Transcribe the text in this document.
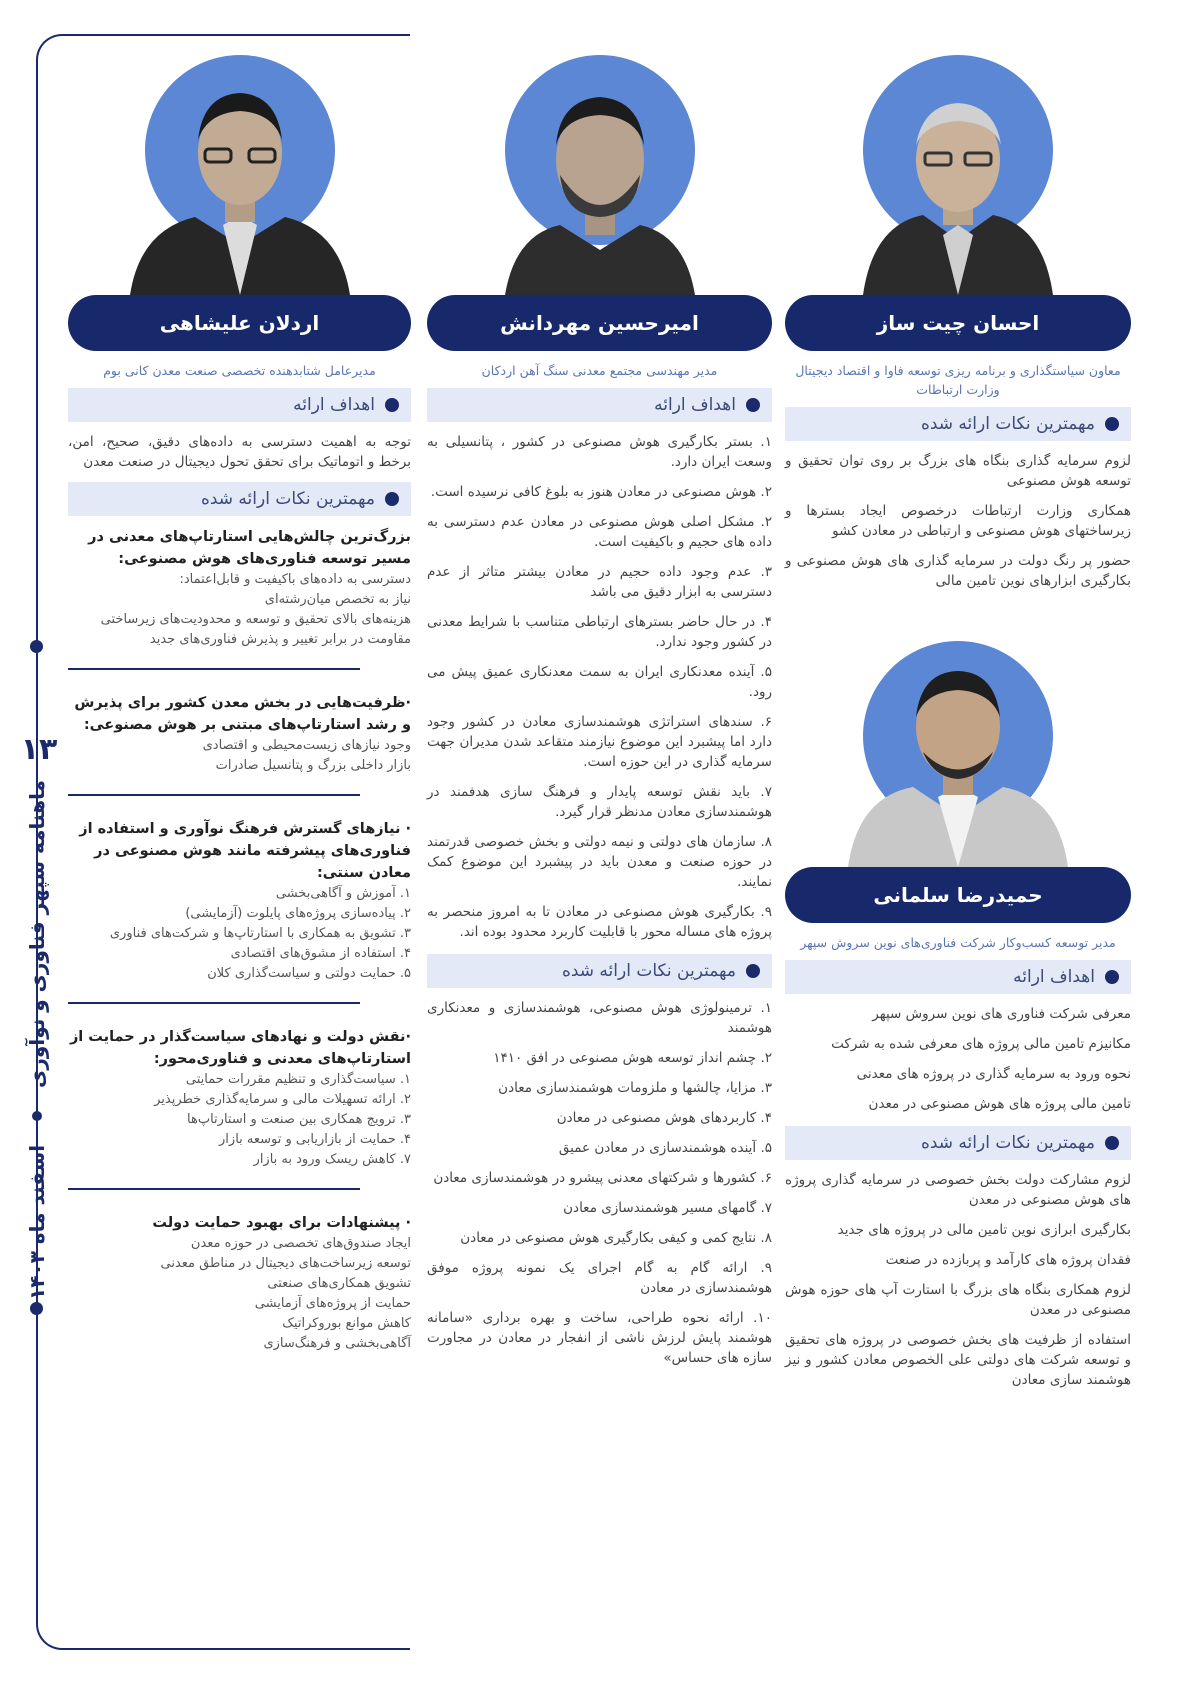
۱۳
ماهنامه سپهر فناوری و نوآوری
اسفند ماه ۱۴۰۳
احسان چیت ساز
معاون سیاستگذاری و برنامه ریزی توسعه فاوا و اقتصاد دیجیتال وزارت ارتباطات
مهمترین نکات ارائه شده
لزوم سرمایه گذاری بنگاه های بزرگ بر روی توان تحقیق و توسعه هوش مصنوعی
همکاری وزارت ارتباطات درخصوص ایجاد بسترها و زیرساختهای هوش مصنوعی و ارتباطی در معادن کشو
حضور پر رنگ دولت در سرمایه گذاری های هوش مصنوعی و بکارگیری ابزارهای نوین تامین مالی
حمیدرضا سلمانی
مدیر توسعه کسب‌وکار شرکت فناوری‌های نوین سروش سپهر
اهداف ارائه
معرفی شرکت فناوری های نوین سروش سپهر
مکانیزم تامین مالی پروژه های معرفی شده به شرکت
نحوه ورود به سرمایه گذاری در پروژه های معدنی
تامین مالی پروژه های هوش مصنوعی در معدن
مهمترین نکات ارائه شده
لزوم مشارکت دولت بخش خصوصی در سرمایه گذاری پروژه های هوش مصنوعی در معدن
بکارگیری ابرازی نوین تامین مالی در پروژه های جدید
فقدان پروژه های کارآمد و پربازده در صنعت
لزوم همکاری بنگاه های بزرگ با استارت آپ های حوزه هوش مصنوعی در معدن
استفاده از ظرفیت های بخش خصوصی در پروژه های تحقیق و توسعه شرکت های دولتی علی الخصوص معادن کشور و نیز هوشمند سازی معادن
امیرحسین مهردانش
مدیر مهندسی مجتمع معدنی سنگ آهن اردکان
اهداف ارائه
۱. بستر بکارگیری هوش مصنوعی در کشور ، پتانسیلی به وسعت ایران دارد.
۲. هوش مصنوعی در معادن هنوز به بلوغ کافی نرسیده است.
۲. مشکل اصلی هوش مصنوعی در معادن عدم دسترسی به داده های حجیم و باکیفیت است.
۳. عدم وجود داده حجیم در معادن بیشتر متاثر از عدم دسترسی به ابزار دقیق می باشد
۴. در حال حاضر بسترهای ارتباطی متناسب با شرایط معدنی در کشور وجود ندارد.
۵. آینده معدنکاری ایران به سمت معدنکاری عمیق پیش می رود.
۶. سندهای استراتژی هوشمندسازی معادن در کشور وجود دارد اما پیشبرد این موضوع نیازمند متقاعد شدن مدیران جهت سرمایه گذاری در این حوزه است.
۷. باید نقش توسعه پایدار و فرهنگ سازی هدفمند در هوشمندسازی معادن مدنظر قرار گیرد.
۸. سازمان های دولتی و نیمه دولتی و بخش خصوصی قدرتمند در حوزه صنعت و معدن باید در پیشبرد این موضوع کمک نمایند.
۹. بکارگیری هوش مصنوعی در معادن تا به امروز منحصر به پروژه های مساله محور با قابلیت کاربرد محدود بوده اند.
مهمترین نکات ارائه شده
۱. ترمینولوژی هوش مصنوعی، هوشمندسازی و معدنکاری هوشمند
۲. چشم انداز توسعه هوش مصنوعی در افق ۱۴۱۰
۳. مزایا، چالشها و ملزومات هوشمندسازی معادن
۴. کاربردهای هوش مصنوعی در معادن
۵. آینده هوشمندسازی در معادن عمیق
۶. کشورها و شرکتهای معدنی پیشرو در هوشمندسازی معادن
۷. گامهای مسیر هوشمندسازی معادن
۸. نتایج کمی و کیفی بکارگیری هوش مصنوعی در معادن
۹. ارائه گام به گام اجرای یک نمونه پروژه موفق هوشمندسازی در معادن
۱۰. ارائه نحوه طراحی، ساخت و بهره برداری «سامانه هوشمند پایش لرزش ناشی از انفجار در معادن در مجاورت سازه های حساس»
اردلان علیشاهی
مدیرعامل شتابدهنده تخصصی صنعت معدن کانی بوم
اهداف ارائه
توجه به اهمیت دسترسی به داده‌های دقیق، صحیح، امن، برخط و اتوماتیک برای تحقق تحول دیجیتال در صنعت معدن
مهمترین نکات ارائه شده
بزرگ‌ترین چالش‌هایی استارتاپ‌های معدنی در مسیر توسعه فناوری‌های هوش مصنوعی:
دسترسی به داده‌های باکیفیت و قابل‌اعتماد:
نیاز به تخصص میان‌رشته‌ای
هزینه‌های بالای تحقیق و توسعه و محدودیت‌های زیرساختی
مقاومت در برابر تغییر و پذیرش فناوری‌های جدید
·ظرفیت‌هایی در بخش معدن کشور برای پذیرش و رشد استارتاپ‌های مبتنی بر هوش مصنوعی:
وجود نیازهای زیست‌محیطی و اقتصادی
بازار داخلی بزرگ و پتانسیل صادرات
· نیازهای گسترش فرهنگ نوآوری و استفاده از فناوری‌های پیشرفته مانند هوش مصنوعی در معادن سنتی:
۱. آموزش و آگاهی‌بخشی
۲. پیاده‌سازی پروژه‌های پایلوت (آزمایشی)
۳. تشویق به همکاری با استارتاپ‌ها و شرکت‌های فناوری
۴. استفاده از مشوق‌های اقتصادی
۵. حمایت دولتی و سیاست‌گذاری کلان
·نقش دولت و نهادهای سیاست‌گذار در حمایت از استارتاپ‌های معدنی و فناوری‌محور:
۱. سیاست‌گذاری و تنظیم مقررات حمایتی
۲. ارائه تسهیلات مالی و سرمایه‌گذاری خطرپذیر
۳. ترویج همکاری بین صنعت و استارتاپ‌ها
۴. حمایت از بازاریابی و توسعه بازار
۷. کاهش ریسک ورود به بازار
· پیشنهادات برای بهبود حمایت دولت
ایجاد صندوق‌های تخصصی در حوزه معدن
توسعه زیرساخت‌های دیجیتال در مناطق معدنی
تشویق همکاری‌های صنعتی
حمایت از پروژه‌های آزمایشی
کاهش موانع بوروکراتیک
آگاهی‌بخشی و فرهنگ‌سازی
